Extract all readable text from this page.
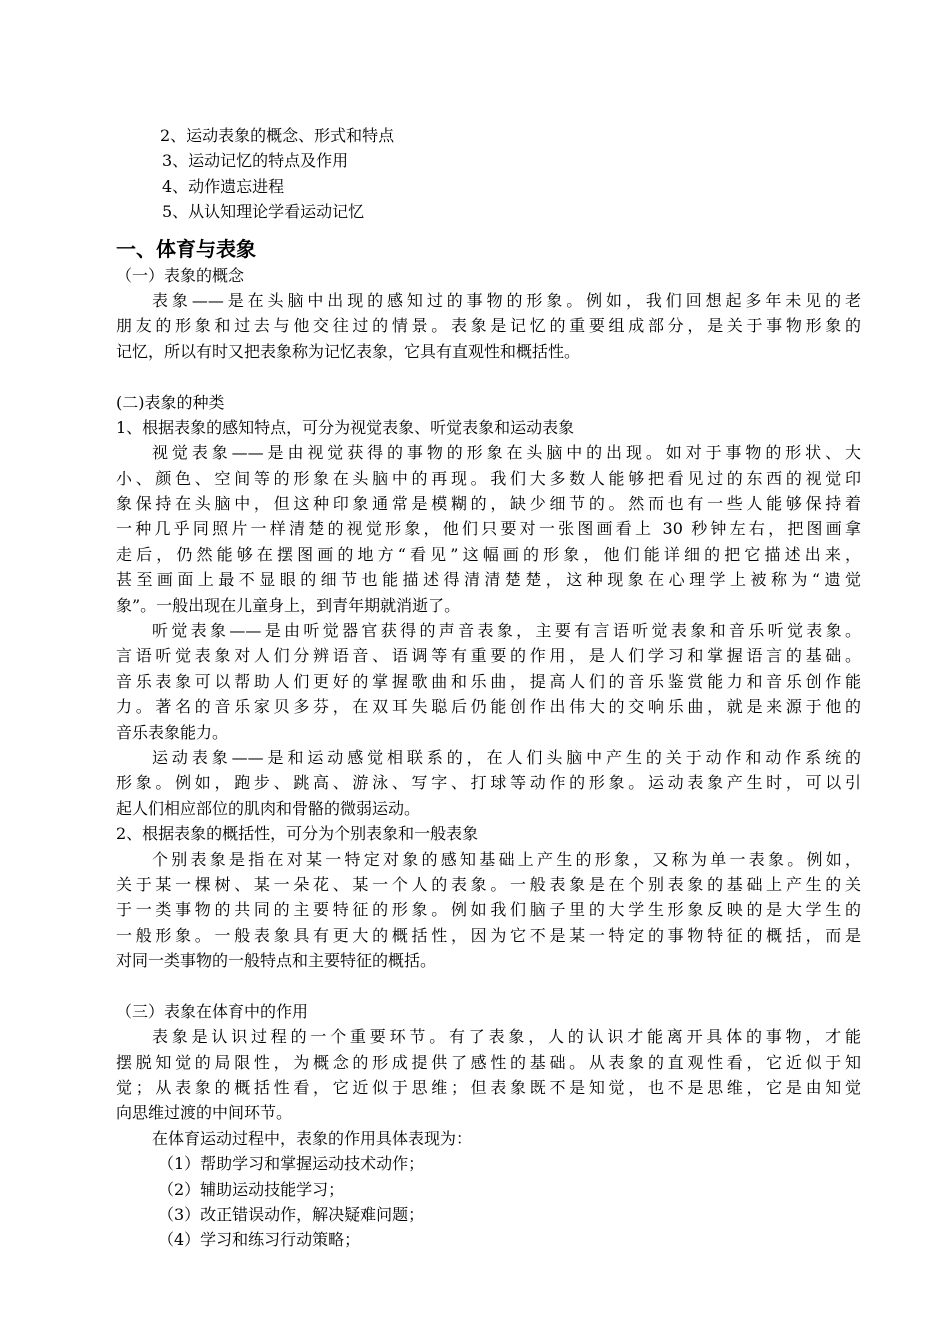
2、运动表象的概念、形式和特点
3、运动记忆的特点及作用
4、动作遗忘进程
5、从认知理论学看运动记忆
一、体育与表象
（一）表象的概念
表象——是在头脑中出现的感知过的事物的形象。例如，我们回想起多年未见的老
朋友的形象和过去与他交往过的情景。表象是记忆的重要组成部分，是关于事物形象的
记忆，所以有时又把表象称为记忆表象，它具有直观性和概括性。
(二)表象的种类
1、根据表象的感知特点，可分为视觉表象、听觉表象和运动表象
视觉表象——是由视觉获得的事物的形象在头脑中的出现。如对于事物的形状、大
小、颜色、空间等的形象在头脑中的再现。我们大多数人能够把看见过的东西的视觉印
象保持在头脑中，但这种印象通常是模糊的，缺少细节的。然而也有一些人能够保持着
一种几乎同照片一样清楚的视觉形象，他们只要对一张图画看上 30 秒钟左右，把图画拿
走后，仍然能够在摆图画的地方“看见”这幅画的形象，他们能详细的把它描述出来，
甚至画面上最不显眼的细节也能描述得清清楚楚，这种现象在心理学上被称为“遗觉
象”。一般出现在儿童身上，到青年期就消逝了。
听觉表象——是由听觉器官获得的声音表象，主要有言语听觉表象和音乐听觉表象。
言语听觉表象对人们分辨语音、语调等有重要的作用，是人们学习和掌握语言的基础。
音乐表象可以帮助人们更好的掌握歌曲和乐曲，提高人们的音乐鉴赏能力和音乐创作能
力。著名的音乐家贝多芬，在双耳失聪后仍能创作出伟大的交响乐曲，就是来源于他的
音乐表象能力。
运动表象——是和运动感觉相联系的，在人们头脑中产生的关于动作和动作系统的
形象。例如，跑步、跳高、游泳、写字、打球等动作的形象。运动表象产生时，可以引
起人们相应部位的肌肉和骨骼的微弱运动。
2、根据表象的概括性，可分为个别表象和一般表象
个别表象是指在对某一特定对象的感知基础上产生的形象，又称为单一表象。例如，
关于某一棵树、某一朵花、某一个人的表象。一般表象是在个别表象的基础上产生的关
于一类事物的共同的主要特征的形象。例如我们脑子里的大学生形象反映的是大学生的
一般形象。一般表象具有更大的概括性，因为它不是某一特定的事物特征的概括，而是
对同一类事物的一般特点和主要特征的概括。
（三）表象在体育中的作用
表象是认识过程的一个重要环节。有了表象，人的认识才能离开具体的事物，才能
摆脱知觉的局限性，为概念的形成提供了感性的基础。从表象的直观性看，它近似于知
觉；从表象的概括性看，它近似于思维；但表象既不是知觉，也不是思维，它是由知觉
向思维过渡的中间环节。
在体育运动过程中，表象的作用具体表现为：
（1）帮助学习和掌握运动技术动作；
（2）辅助运动技能学习；
（3）改正错误动作，解决疑难问题；
（4）学习和练习行动策略；
